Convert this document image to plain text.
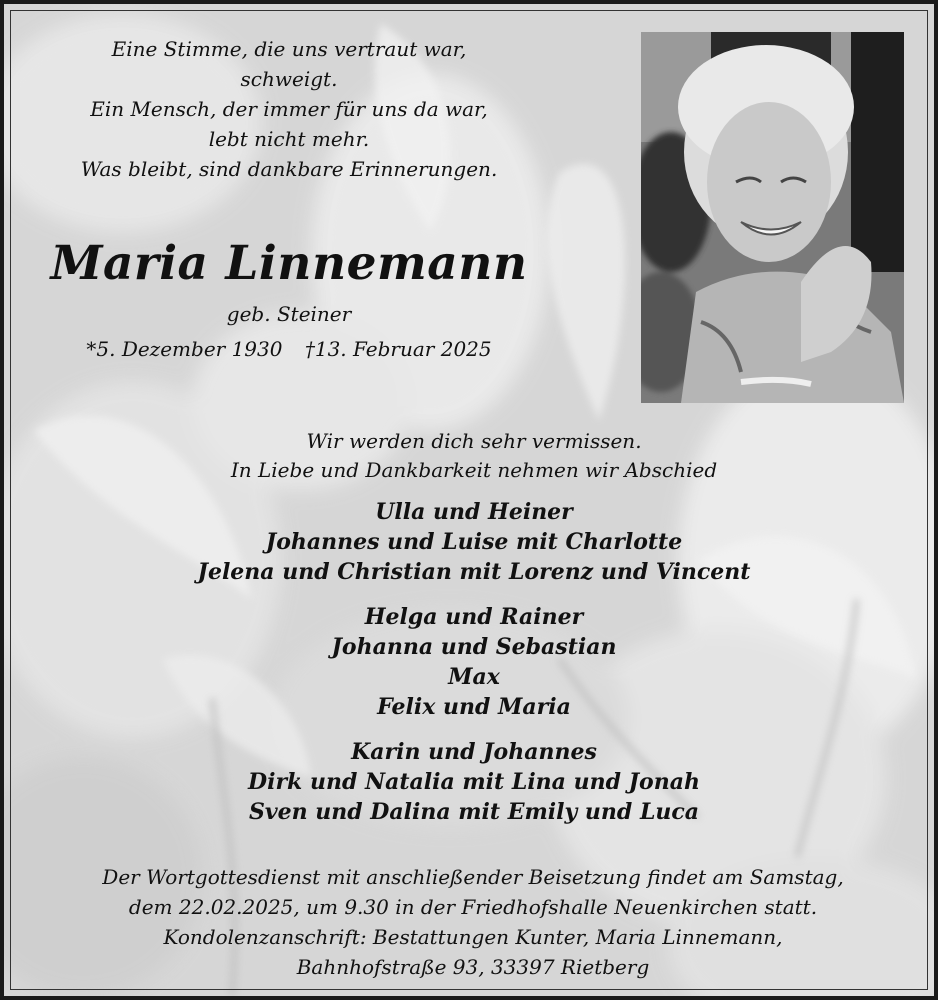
Eine Stimme, die uns vertraut war,
schweigt.
Ein Mensch, der immer für uns da war,
lebt nicht mehr.
Was bleibt, sind dankbare Erinnerungen.
Maria Linnemann
geb. Steiner
*5. Dezember 1930 †13. Februar 2025
Wir werden dich sehr vermissen.
In Liebe und Dankbarkeit nehmen wir Abschied
Ulla und Heiner
Johannes und Luise mit Charlotte
Jelena und Christian mit Lorenz und Vincent
Helga und Rainer
Johanna und Sebastian
Max
Felix und Maria
Karin und Johannes
Dirk und Natalia mit Lina und Jonah
Sven und Dalina mit Emily und Luca
Der Wortgottesdienst mit anschließender Beisetzung findet am Samstag,
dem 22.02.2025, um 9.30 in der Friedhofshalle Neuenkirchen statt.
Kondolenzanschrift: Bestattungen Kunter, Maria Linnemann,
Bahnhofstraße 93, 33397 Rietberg
